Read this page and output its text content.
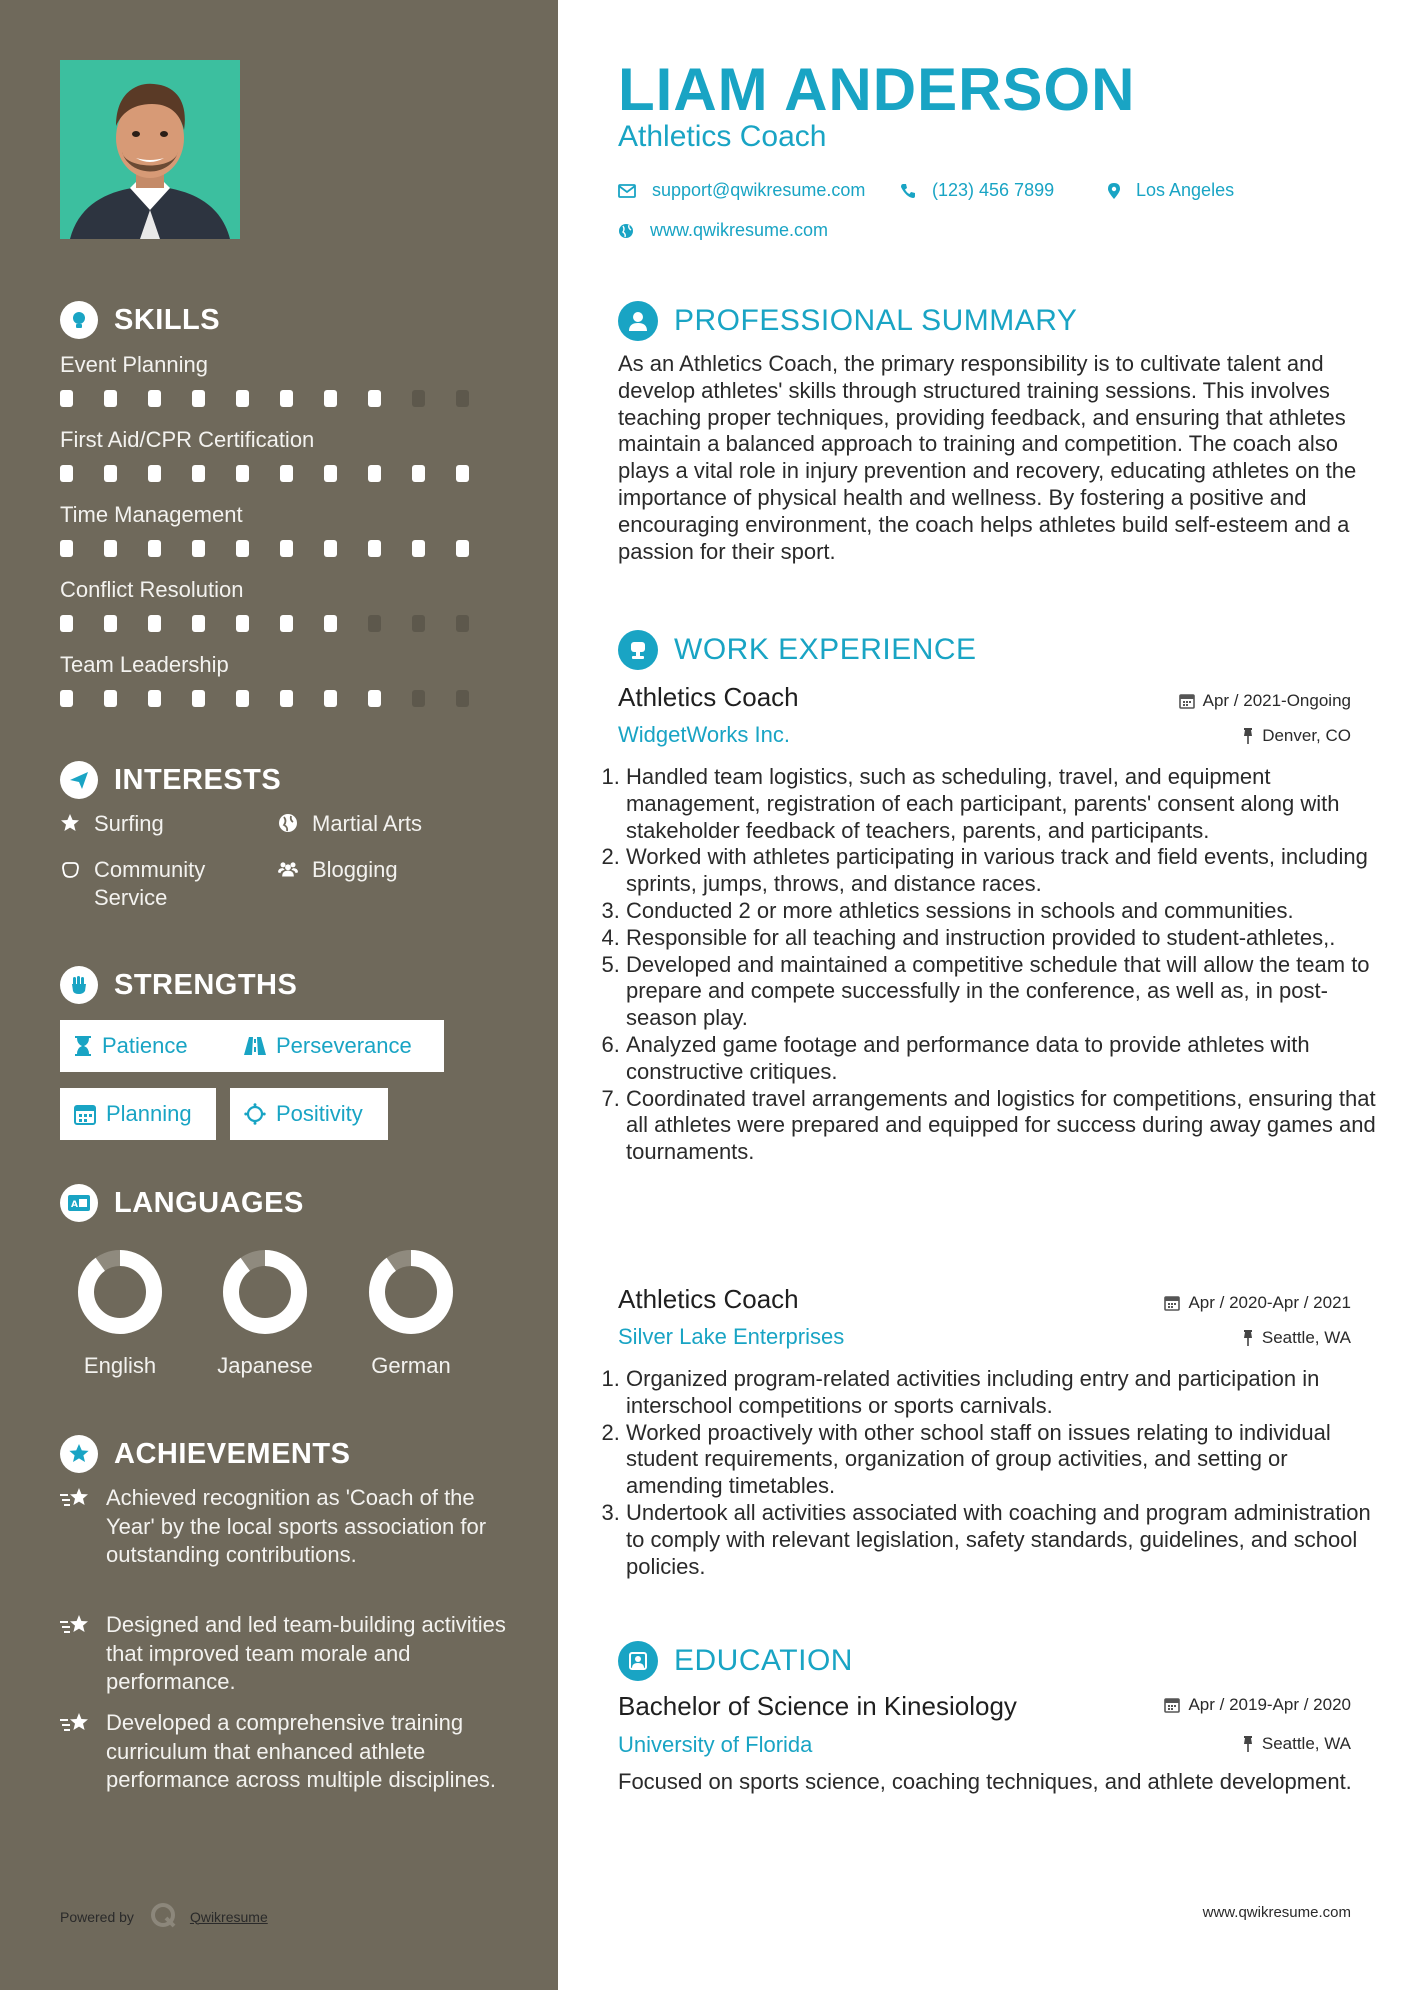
SKILLS
Event Planning
First Aid/CPR Certification
Time Management
Conflict Resolution
Team Leadership
INTERESTS
Surfing	Martial Arts
Community Service
Blogging
STRENGTHS
Patience	Perseverance
Planning	Positivity
A LANGUAGES
English	Japanese	German
ACHIEVEMENTS
Achieved recognition as 'Coach of the Year' by the local sports association for outstanding contributions.
Designed and led team-building activities that improved team morale and performance.
Developed a comprehensive training curriculum that enhanced athlete performance across multiple disciplines.
Powered by	Qwikresume
LIAM ANDERSON
Athletics Coach
support@qwikresume.com	(123) 456 7899	Los Angeles
www.qwikresume.com
PROFESSIONAL SUMMARY
As an Athletics Coach, the primary responsibility is to cultivate talent and develop athletes' skills through structured training sessions. This involves teaching proper techniques, providing feedback, and ensuring that athletes maintain a balanced approach to training and competition. The coach also plays a vital role in injury prevention and recovery, educating athletes on the importance of physical health and wellness. By fostering a positive and encouraging environment, the coach helps athletes build self-esteem and a passion for their sport.
WORK EXPERIENCE
Athletics Coach	Apr / 2021-Ongoing
WidgetWorks Inc.	Denver, CO
1. Handled team logistics, such as scheduling, travel, and equipment management, registration of each participant, parents' consent along with stakeholder feedback of teachers, parents, and participants.
2. Worked with athletes participating in various track and field events, including sprints, jumps, throws, and distance races.
3. Conducted 2 or more athletics sessions in schools and communities.
4. Responsible for all teaching and instruction provided to student-athletes,.
5. Developed and maintained a competitive schedule that will allow the team to prepare and compete successfully in the conference, as well as, in post-season play.
6. Analyzed game footage and performance data to provide athletes with constructive critiques.
7. Coordinated travel arrangements and logistics for competitions, ensuring that all athletes were prepared and equipped for success during away games and tournaments.
Athletics Coach	Apr / 2020-Apr / 2021
Silver Lake Enterprises	Seattle, WA
1. Organized program-related activities including entry and participation in interschool competitions or sports carnivals.
2. Worked proactively with other school staff on issues relating to individual student requirements, organization of group activities, and setting or amending timetables.
3. Undertook all activities associated with coaching and program administration to comply with relevant legislation, safety standards, guidelines, and school policies.
EDUCATION
Bachelor of Science in Kinesiology	Apr / 2019-Apr / 2020
University of Florida	Seattle, WA
Focused on sports science, coaching techniques, and athlete development.
www.qwikresume.com
